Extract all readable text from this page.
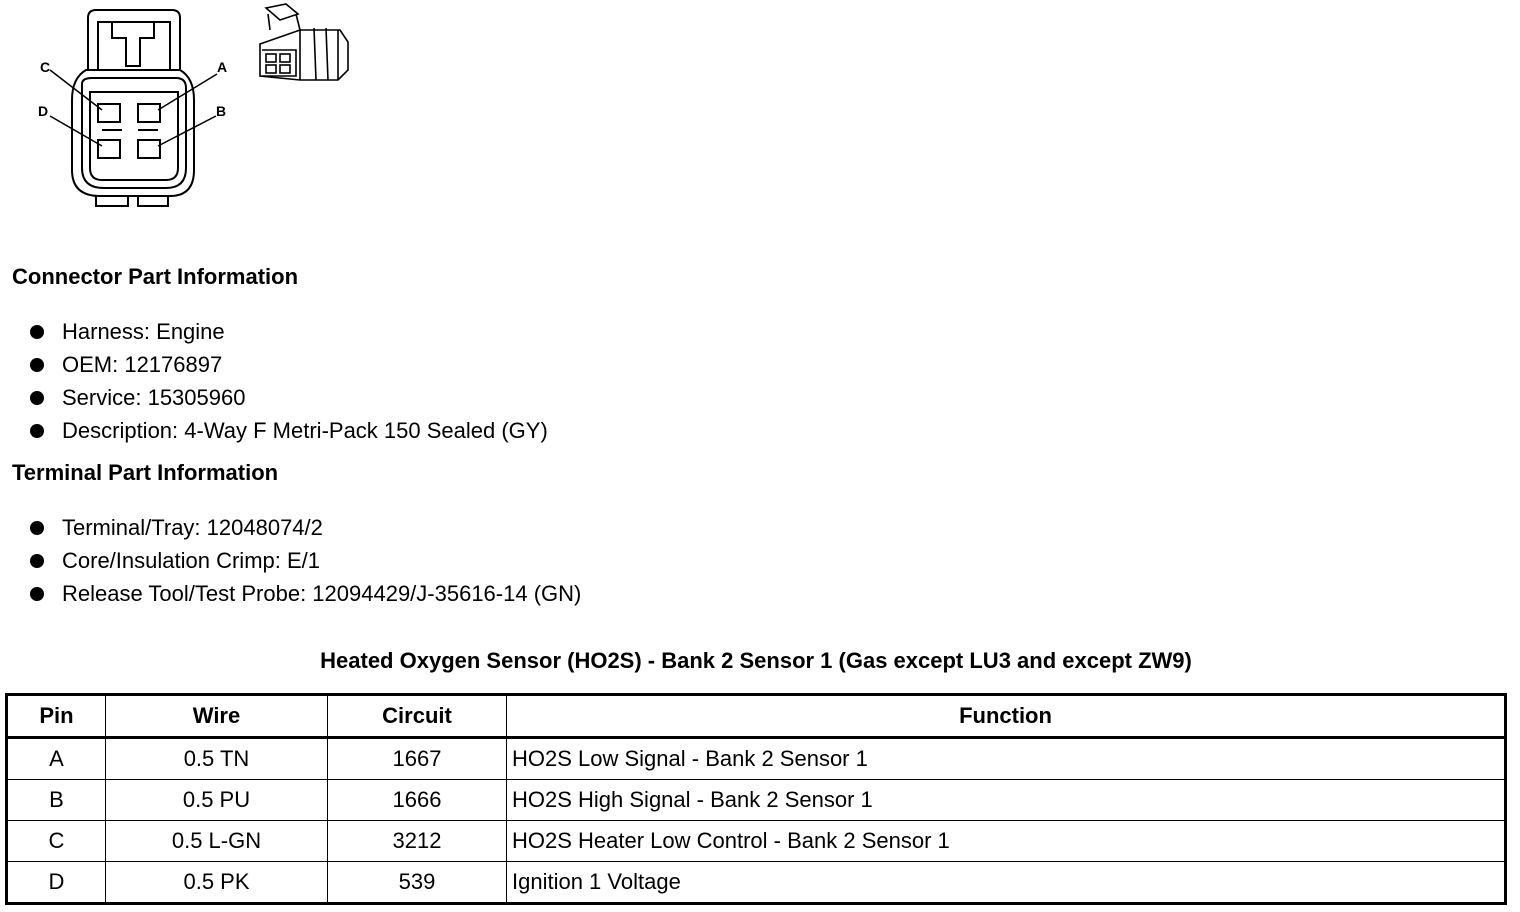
C	A
D	B
Connector Part Information
Harness: Engine
OEM: 12176897
Service: 15305960
Description: 4-Way F Metri-Pack 150 Sealed (GY)
Terminal Part Information
Terminal/Tray: 12048074/2
Core/Insulation Crimp: E/1
Release Tool/Test Probe: 12094429/J-35616-14 (GN)
Heated Oxygen Sensor (HO2S) - Bank 2 Sensor 1 (Gas except LU3 and except ZW9)
Pin	Wire	Circuit	Function
A	0.5 TN	1667	HO2S Low Signal - Bank 2 Sensor 1
B	0.5 PU	1666	HO2S High Signal - Bank 2 Sensor 1
C	0.5 L-GN	3212	HO2S Heater Low Control - Bank 2 Sensor 1
D	0.5 PK	539	Ignition 1 Voltage
